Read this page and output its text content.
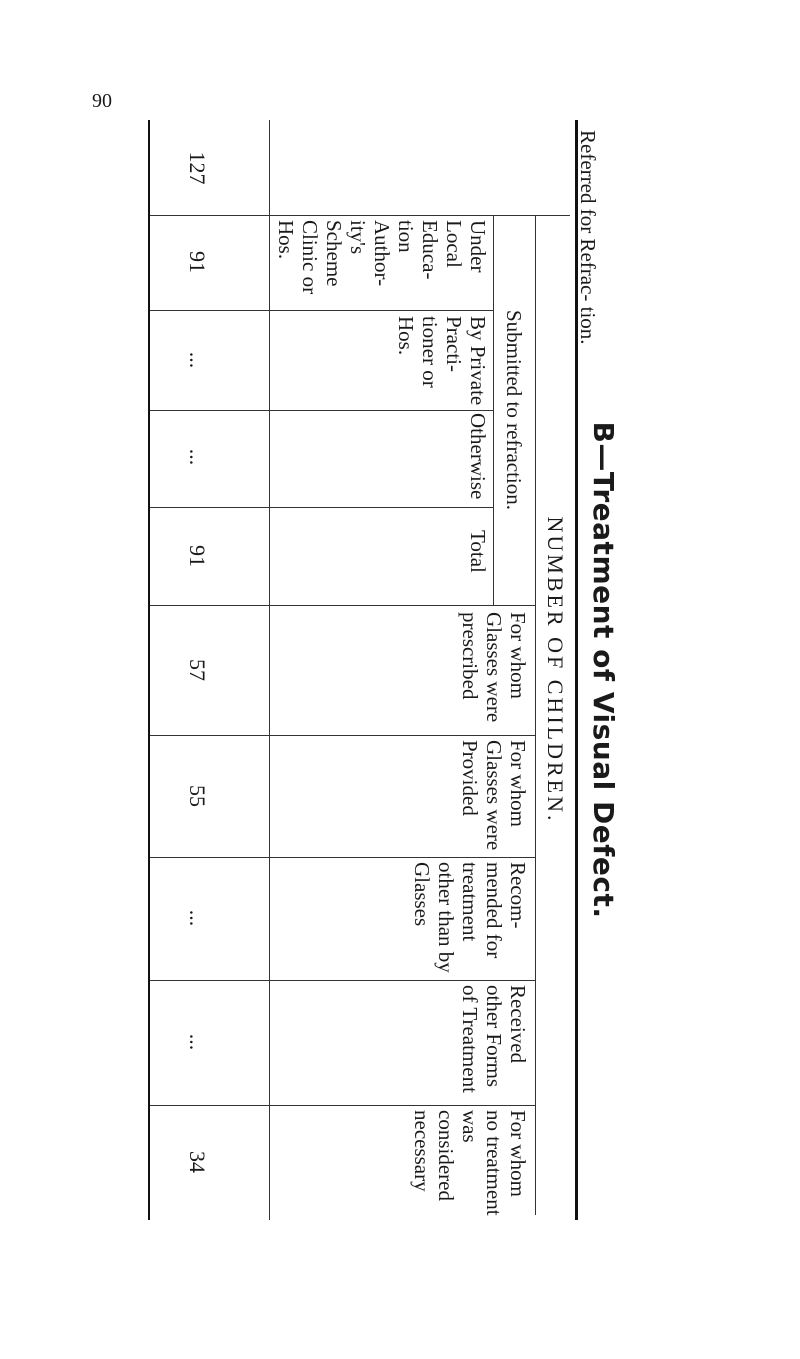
90
B—Treatment of Visual Defect.
NUMBER OF CHILDREN.
Submitted to refraction.
Referred for Refrac- tion.
Under Local Educa- tion Author- ity's Scheme Clinic or Hos.
By Private Practi- tioner or Hos.
Otherwise
Total
For whom Glasses were prescribed
For whom Glasses were Provided
Recom- mended for treatment other than by Glasses
Received other Forms of Treatment
For whom no treatment was considered necessary
127
91
...
...
91
57
55
...
...
34
